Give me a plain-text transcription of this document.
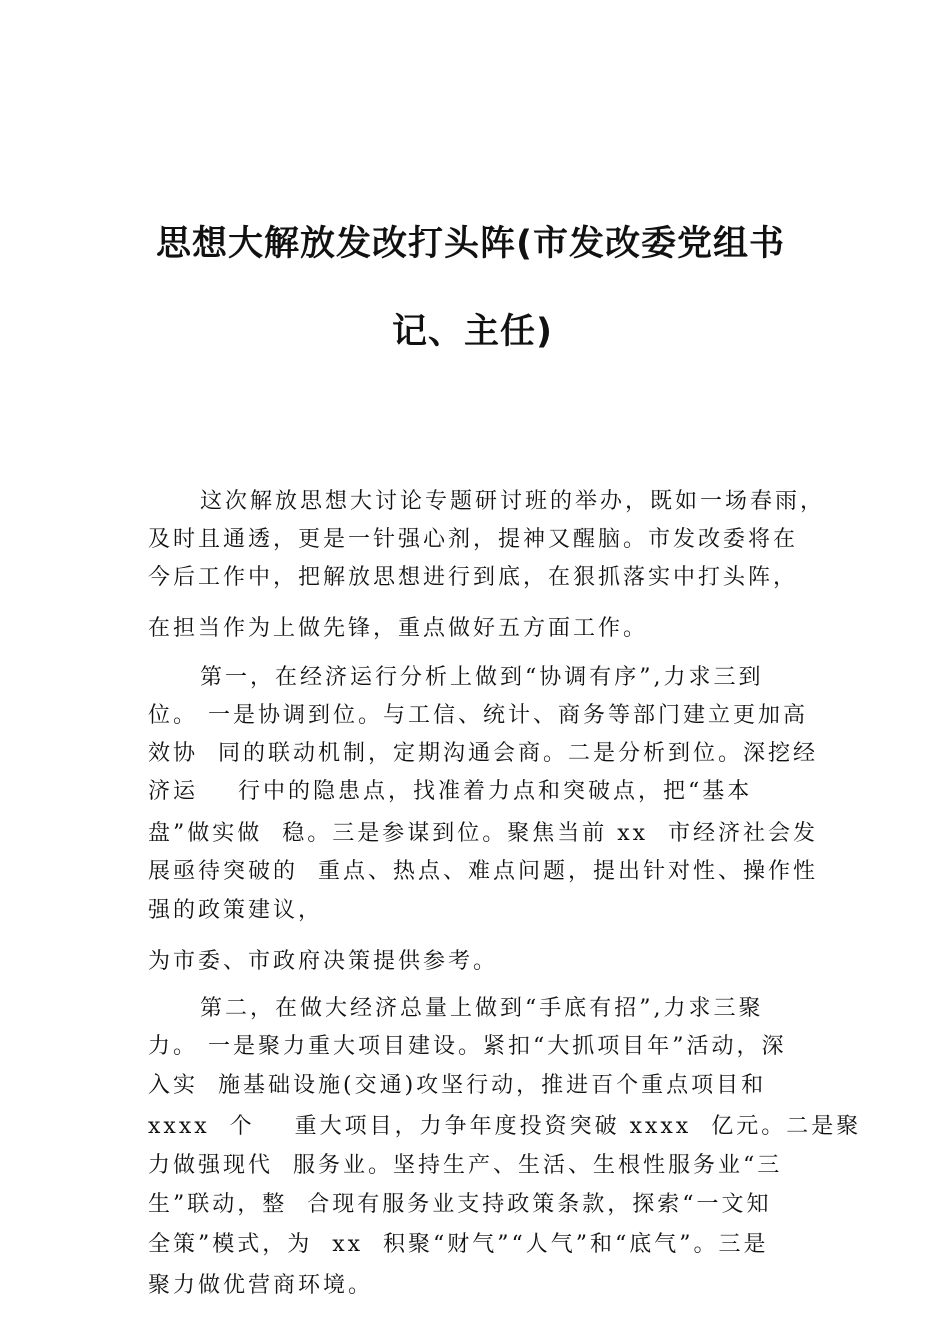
思想大解放发改打头阵(市发改委党组书
记、主任)
这次解放思想大讨论专题研讨班的举办，既如一场春雨，
及时且通透，更是一针强心剂，提神又醒脑。市发改委将在
今后工作中，把解放思想进行到底，在狠抓落实中打头阵，
在担当作为上做先锋，重点做好五方面工作。
第一，在经济运行分析上做到“协调有序”,力求三到
位。 一是协调到位。与工信、统计、商务等部门建立更加高
效协  同的联动机制，定期沟通会商。二是分析到位。深挖经
济运    行中的隐患点，找准着力点和突破点，把“基本
盘”做实做  稳。三是参谋到位。聚焦当前 xx  市经济社会发
展亟待突破的  重点、热点、难点问题，提出针对性、操作性
强的政策建议，
为市委、市政府决策提供参考。
第二，在做大经济总量上做到“手底有招”,力求三聚
力。 一是聚力重大项目建设。紧扣“大抓项目年”活动，深
入实  施基础设施(交通)攻坚行动，推进百个重点项目和
xxxx  个    重大项目，力争年度投资突破 xxxx  亿元。二是聚
力做强现代  服务业。坚持生产、生活、生根性服务业“三
生”联动，整  合现有服务业支持政策条款，探索“一文知
全策”模式，为  xx  积聚“财气”“人气”和“底气”。三是
聚力做优营商环境。
